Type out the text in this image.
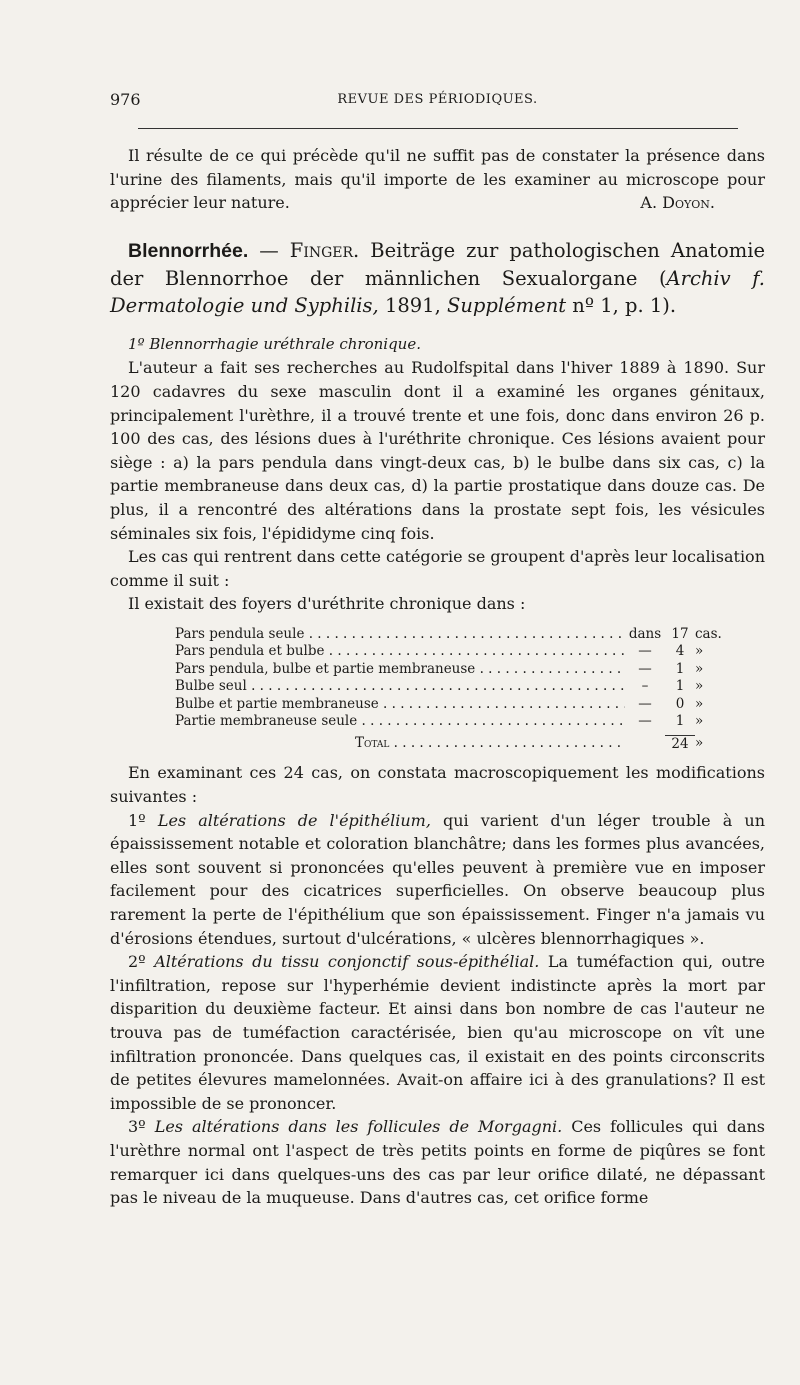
976	REVUE DES PÉRIODIQUES.

Il résulte de ce qui précède qu'il ne suffit pas de constater la présence dans l'urine des filaments, mais qu'il importe de les examiner au microscope pour apprécier leur nature.	A. Doyon.

Blennorrhée. — Finger. Beiträge zur pathologischen Anatomie der Blennorrhoe der männlichen Sexualorgane (Archiv f. Dermatologie und Syphilis, 1891, Supplément nº 1, p. 1).

1º Blennorrhagie uréthrale chronique.

L'auteur a fait ses recherches au Rudolfspital dans l'hiver 1889 à 1890. Sur 120 cadavres du sexe masculin dont il a examiné les organes génitaux, principalement l'urèthre, il a trouvé trente et une fois, donc dans environ 26 p. 100 des cas, des lésions dues à l'uréthrite chronique. Ces lésions avaient pour siège : a) la pars pendula dans vingt-deux cas, b) le bulbe dans six cas, c) la partie membraneuse dans deux cas, d) la partie prostatique dans douze cas. De plus, il a rencontré des altérations dans la prostate sept fois, les vésicules séminales six fois, l'épididyme cinq fois.

Les cas qui rentrent dans cette catégorie se groupent d'après leur localisation comme il suit :

Il existait des foyers d'uréthrite chronique dans :

Pars pendula seule . . .	dans 17 cas.
Pars pendula et bulbe . . .	—	4 »
Pars pendula, bulbe et partie membraneuse . . .	—	1 »
Bulbe seul . . .	–	1 »
Bulbe et partie membraneuse . . .	—	0 »
Partie membraneuse seule . . .	—	1 »
Total . . .	24 »

En examinant ces 24 cas, on constata macroscopiquement les modifications suivantes :

1º Les altérations de l'épithélium, qui varient d'un léger trouble à un épaississement notable et coloration blanchâtre; dans les formes plus avancées, elles sont souvent si prononcées qu'elles peuvent à première vue en imposer facilement pour des cicatrices superficielles. On observe beaucoup plus rarement la perte de l'épithélium que son épaississement. Finger n'a jamais vu d'érosions étendues, surtout d'ulcérations, « ulcères blennorrhagiques ».

2º Altérations du tissu conjonctif sous-épithélial. La tuméfaction qui, outre l'infiltration, repose sur l'hyperhémie devient indistincte après la mort par disparition du deuxième facteur. Et ainsi dans bon nombre de cas l'auteur ne trouva pas de tuméfaction caractérisée, bien qu'au microscope on vît une infiltration prononcée. Dans quelques cas, il existait en des points circonscrits de petites élevures mamelonnées. Avait-on affaire ici à des granulations? Il est impossible de se prononcer.

3º Les altérations dans les follicules de Morgagni. Ces follicules qui dans l'urèthre normal ont l'aspect de très petits points en forme de piqûres se font remarquer ici dans quelques-uns des cas par leur orifice dilaté, ne dépassant pas le niveau de la muqueuse. Dans d'autres cas, cet orifice forme
